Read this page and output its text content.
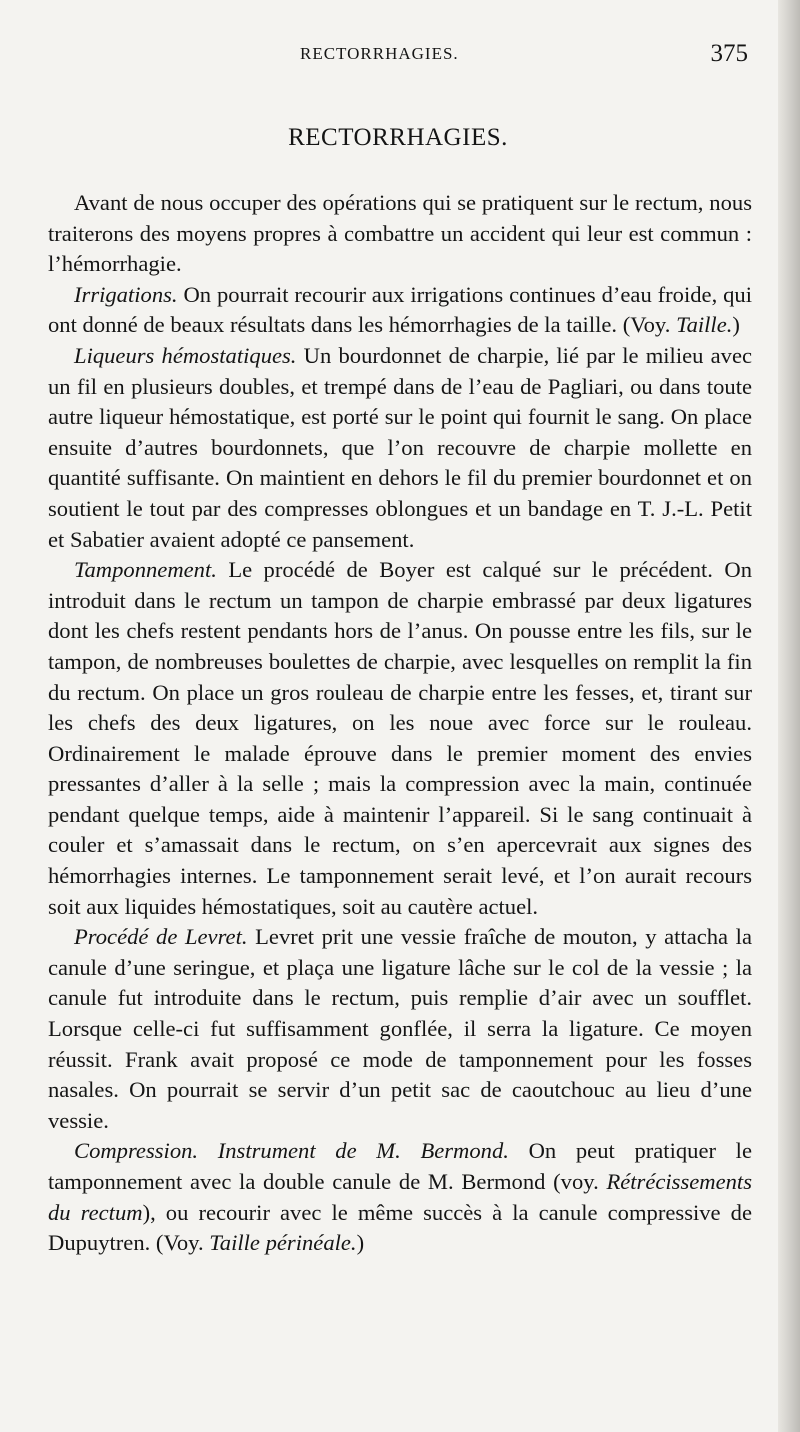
RECTORRHAGIES.	375
RECTORRHAGIES.

Avant de nous occuper des opérations qui se pratiquent sur le rectum, nous traiterons des moyens propres à combattre un accident qui leur est commun : l’hémorrhagie.

Irrigations. On pourrait recourir aux irrigations continues d’eau froide, qui ont donné de beaux résultats dans les hémorrhagies de la taille. (Voy. Taille.)

Liqueurs hémostatiques. Un bourdonnet de charpie, lié par le milieu avec un fil en plusieurs doubles, et trempé dans de l’eau de Pagliari, ou dans toute autre liqueur hémostatique, est porté sur le point qui fournit le sang. On place ensuite d’autres bourdonnets, que l’on recouvre de charpie mollette en quantité suffisante. On maintient en dehors le fil du premier bourdonnet et on soutient le tout par des compresses oblongues et un bandage en T. J.-L. Petit et Sabatier avaient adopté ce pansement.

Tamponnement. Le procédé de Boyer est calqué sur le précédent. On introduit dans le rectum un tampon de charpie embrassé par deux ligatures dont les chefs restent pendants hors de l’anus. On pousse entre les fils, sur le tampon, de nombreuses boulettes de charpie, avec lesquelles on remplit la fin du rectum. On place un gros rouleau de charpie entre les fesses, et, tirant sur les chefs des deux ligatures, on les noue avec force sur le rouleau. Ordinairement le malade éprouve dans le premier moment des envies pressantes d’aller à la selle ; mais la compression avec la main, continuée pendant quelque temps, aide à maintenir l’appareil. Si le sang continuait à couler et s’amassait dans le rectum, on s’en apercevrait aux signes des hémorrhagies internes. Le tamponnement serait levé, et l’on aurait recours soit aux liquides hémostatiques, soit au cautère actuel.

Procédé de Levret. Levret prit une vessie fraîche de mouton, y attacha la canule d’une seringue, et plaça une ligature lâche sur le col de la vessie ; la canule fut introduite dans le rectum, puis remplie d’air avec un soufflet. Lorsque celle-ci fut suffisamment gonflée, il serra la ligature. Ce moyen réussit. Frank avait proposé ce mode de tamponnement pour les fosses nasales. On pourrait se servir d’un petit sac de caoutchouc au lieu d’une vessie.

Compression. Instrument de M. Bermond. On peut pratiquer le tamponnement avec la double canule de M. Bermond (voy. Rétrécissements du rectum), ou recourir avec le même succès à la canule compressive de Dupuytren. (Voy. Taille périnéale.)
